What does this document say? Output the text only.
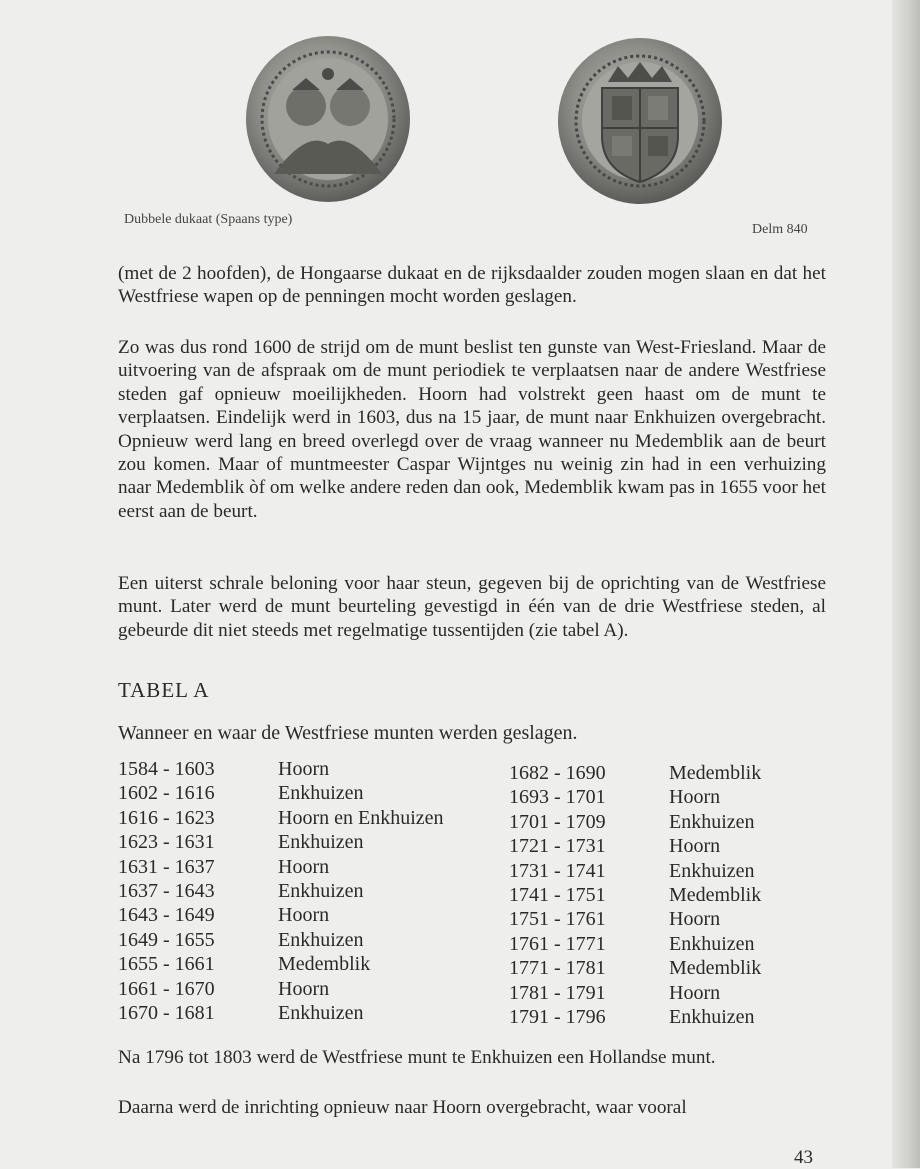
Dubbele dukaat (Spaans type)
Delm 840

(met de 2 hoofden), de Hongaarse dukaat en de rijksdaalder zouden mogen slaan en dat het Westfriese wapen op de penningen mocht worden geslagen.

Zo was dus rond 1600 de strijd om de munt beslist ten gunste van West-Friesland. Maar de uitvoering van de afspraak om de munt periodiek te verplaatsen naar de andere Westfriese steden gaf opnieuw moeilijkheden. Hoorn had volstrekt geen haast om de munt te verplaatsen. Eindelijk werd in 1603, dus na 15 jaar, de munt naar Enkhuizen overgebracht. Opnieuw werd lang en breed overlegd over de vraag wanneer nu Medemblik aan de beurt zou komen. Maar of muntmeester Caspar Wijntges nu weinig zin had in een verhuizing naar Medemblik òf om welke andere reden dan ook, Medemblik kwam pas in 1655 voor het eerst aan de beurt.

Een uiterst schrale beloning voor haar steun, gegeven bij de oprichting van de Westfriese munt. Later werd de munt beurteling gevestigd in één van de drie Westfriese steden, al gebeurde dit niet steeds met regelmatige tussentijden (zie tabel A).

TABEL A

Wanneer en waar de Westfriese munten werden geslagen.

1584 - 1603	Hoorn
1602 - 1616	Enkhuizen
1616 - 1623	Hoorn en Enkhuizen
1623 - 1631	Enkhuizen
1631 - 1637	Hoorn
1637 - 1643	Enkhuizen
1643 - 1649	Hoorn
1649 - 1655	Enkhuizen
1655 - 1661	Medemblik
1661 - 1670	Hoorn
1670 - 1681	Enkhuizen
1682 - 1690	Medemblik
1693 - 1701	Hoorn
1701 - 1709	Enkhuizen
1721 - 1731	Hoorn
1731 - 1741	Enkhuizen
1741 - 1751	Medemblik
1751 - 1761	Hoorn
1761 - 1771	Enkhuizen
1771 - 1781	Medemblik
1781 - 1791	Hoorn
1791 - 1796	Enkhuizen

Na 1796 tot 1803 werd de Westfriese munt te Enkhuizen een Hollandse munt.

Daarna werd de inrichting opnieuw naar Hoorn overgebracht, waar vooral

43
